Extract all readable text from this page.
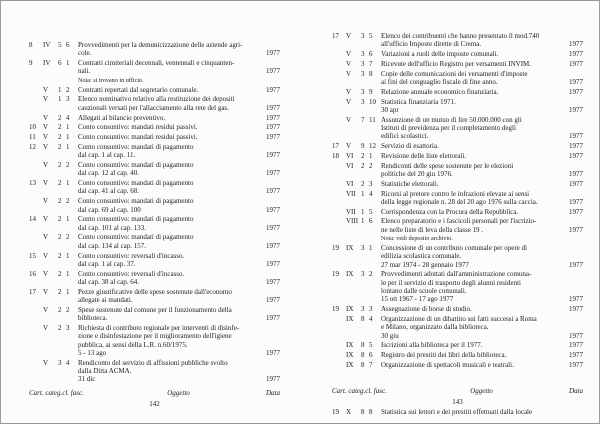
8	IV	5 6	Provvedimenti per la demunicizzazione delle aziende agri-
cole.	1977
9	IV	6 1	Contratti cimiteriali decennali, ventennali e cinquanten-
nali.	1977
Nota: si trovano in ufficio.
V	1 2	Contratti repertati dal segretario comunale.	1977
V	1 3	Elenco nominativo relativo alla restituzione dei depositi
cauzionali versati per l'allacciamento alla rete del gas.	1977
V	2 4	Allegati al bilancio preventivo.	1977
10	V	2 1	Conto consuntivo: mandati residui passivi.	1977
11	V	2 1	Conto consuntivo: mandati residui passivi.	1977
12	V	2 1	Conto consuntivo: mandati di pagamento
dal cap. 1 al cap. 11.	1977
V	2 2	Conto consuntivo: mandati di pagamento
dal cap. 12 al cap. 40.	1977
13	V	2 1	Conto consuntivo: mandati di pagamento
dal cap. 41 al cap. 68.	1977
V	2 2	Conto consuntivo: mandati di pagamento
dal cap. 69 al cap. 100	1977
14	V	2 1	Conto consuntivo: mandati di pagamento
dal cap. 101 al cap. 133.	1977
V	2 2	Conto consuntivo: mandati di pagamento
dal cap. 134 al cap. 157.	1977
15	V	2 1	Conto consuntivo: reversali d'incasso.
dal cap. 1 al cap. 37.	1977
16	V	2 1	Conto consuntivo: reversali d'incasso.
dal cap. 38 al cap. 64.	1977
17	V	2 1	Pezze giustificative delle spese sostenute dall'economo
allegate ai mandati.	1977
V	2 2	Spese sostenute dal comune per il funzionamento della
biblioteca.	1977
V	2 3	Richiesta di contributo regionale per interventi di disinfe-
zione e disinfestazione per il miglioramento dell'igiene
pubblica, ai sensi della L.R. n.60/1975.
5 - 13 ago	1977
V	3 4	Rendiconto del servizio di affissioni pubbliche svolto
dalla Ditta ACMA.
31 dic	1977
Cart. categ.cl. fasc.	Oggetto	Data
142
17	V	3 5	Elenco dei contribuenti che hanno presentato il mod.740
all'ufficio Imposte dirette di Crema.	1977
V	3 6	Variazioni a ruoli delle imposte comunali.	1977
V	3 7	Ricevute dell'ufficio Registro per versamenti INVIM.	1977
V	3 8	Copie delle comunicazioni dei versamenti d'imposte
ai fini del conguaglio fiscale di fine anno.	1977
V	3 9	Relazione annuale economico finanziaria.	1977
V	3 10 Statistica finanziaria 1971.
30 apr	1977
V	7 11 Assunzione di un mutuo di lire 50.000.000 con gli
Istituti di previdenza per il completamento degli
edifici scolastici.	1977
17	V	9 12 Servizio di esattoria.	1977
18	VI	2 1	Revisione delle liste elettorali.	1977
VI	2 2	Rendiconti delle spese sostenute per le elezioni
politiche del 20 giu 1976.	1977
VI	2 3	Statistiche elettorali.	1977
VII 1 4	Ricorsi al pretore contro le infrazioni elevate ai sensi
della legge regionale n. 28 del 20 ago 1976 sulla caccia.	1977
VII 1 5	Corrispondenza con la Procura della Repubblica.	1977
VIII 1 6	Elenco preparatorio e i fascicoli personali per l'iscrizio-
ne nelle liste di leva della classe 19 .	1977
Nota: vedi deposito archivio.
19	IX	3 1	Concessione di un contributo comunale per opere di
edilizia scolastica comunale.
27 mar 1974 - 28 gennaio 1977	1977
19	IX	3 2	Provvedimenti adottati dall'amministrazione comuna-
le per il servizio di trasporto degli alunni residenti
lontano dalle scuole comunali.
15 ott 1967 - 17 ago 1977	1977
19	IX	3 3	Assegnazione di borse di studio.	1977
IX	8 4	Organizzazione di un dibattito sui fatti successi a Roma
e Milano, organizzato dalla biblioteca.
30 giu	1977
IX	8 5	Iscrizioni alla biblioteca per il 1977.	1977
IX	8 6	Registro dei prestiti dei libri della biblioteca.	1977
IX	8 7	Organizzazione di spettacoli musicali e teatrali.	1977
Cart. categ.cl. fasc.	Oggetto	Data
143
19	X	8 8	Statistica sui lettori e dei prestiti effettuati dalla locale
